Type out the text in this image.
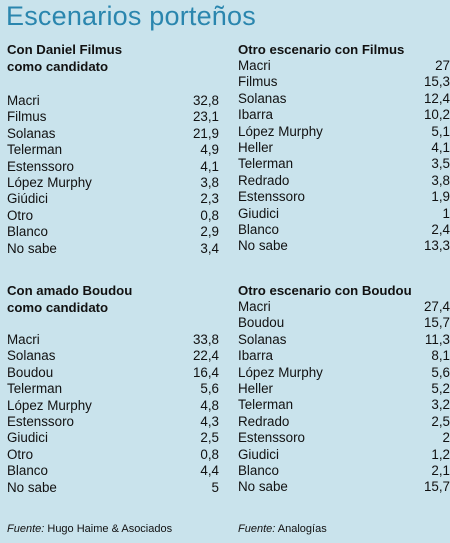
Escenarios porteños

Con Daniel Filmus
como candidato

Macri	32,8
Filmus	23,1
Solanas	21,9
Telerman	4,9
Estenssoro	4,1
López Murphy	3,8
Giúdici	2,3
Otro	0,8
Blanco	2,9
No sabe	3,4

Otro escenario con Filmus

Macri	27
Filmus	15,3
Solanas	12,4
Ibarra	10,2
López Murphy	5,1
Heller	4,1
Telerman	3,5
Redrado	3,8
Estenssoro	1,9
Giudici	1
Blanco	2,4
No sabe	13,3

Con amado Boudou
como candidato

Macri	33,8
Solanas	22,4
Boudou	16,4
Telerman	5,6
López Murphy	4,8
Estenssoro	4,3
Giudici	2,5
Otro	0,8
Blanco	4,4
No sabe	5

Otro escenario con Boudou

Macri	27,4
Boudou	15,7
Solanas	11,3
Ibarra	8,1
López Murphy	5,6
Heller	5,2
Telerman	3,2
Redrado	2,5
Estenssoro	2
Giudici	1,2
Blanco	2,1
No sabe	15,7
Fuente: Hugo Haime & Asociados	Fuente: Analogías
